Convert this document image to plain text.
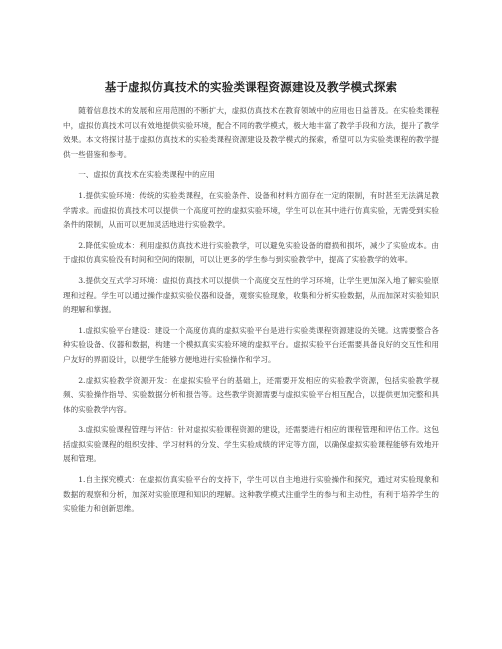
基于虚拟仿真技术的实验类课程资源建设及教学模式探索

随着信息技术的发展和应用范围的不断扩大，虚拟仿真技术在教育领域中的应用也日益普及。在实验类课程中，虚拟仿真技术可以有效地提供实验环境，配合不同的教学模式，极大地丰富了教学手段和方法，提升了教学效果。本文将探讨基于虚拟仿真技术的实验类课程资源建设及教学模式的探索，希望可以为实验类课程的教学提供一些借鉴和参考。

一、虚拟仿真技术在实验类课程中的应用

1.提供实验环境：传统的实验类课程，在实验条件、设备和材料方面存在一定的限制，有时甚至无法满足教学需求。而虚拟仿真技术可以提供一个高度可控的虚拟实验环境，学生可以在其中进行仿真实验，无需受到实验条件的限制，从而可以更加灵活地进行实验教学。

2.降低实验成本：利用虚拟仿真技术进行实验教学，可以避免实验设备的磨损和损坏，减少了实验成本。由于虚拟仿真实验没有时间和空间的限制，可以让更多的学生参与到实验教学中，提高了实验教学的效率。

3.提供交互式学习环境：虚拟仿真技术可以提供一个高度交互性的学习环境，让学生更加深入地了解实验原理和过程。学生可以通过操作虚拟实验仪器和设备，观察实验现象，收集和分析实验数据，从而加深对实验知识的理解和掌握。

1.虚拟实验平台建设：建设一个高度仿真的虚拟实验平台是进行实验类课程资源建设的关键。这需要整合各种实验设备、仪器和数据，构建一个模拟真实实验环境的虚拟平台。虚拟实验平台还需要具备良好的交互性和用户友好的界面设计，以便学生能够方便地进行实验操作和学习。

2.虚拟实验教学资源开发：在虚拟实验平台的基础上，还需要开发相应的实验教学资源，包括实验教学视频、实验操作指导、实验数据分析和报告等。这些教学资源需要与虚拟实验平台相互配合，以提供更加完整和具体的实验教学内容。

3.虚拟实验课程管理与评估：针对虚拟实验课程资源的建设，还需要进行相应的课程管理和评估工作。这包括虚拟实验课程的组织安排、学习材料的分发、学生实验成绩的评定等方面，以确保虚拟实验课程能够有效地开展和管理。

1.自主探究模式：在虚拟仿真实验平台的支持下，学生可以自主地进行实验操作和探究，通过对实验现象和数据的观察和分析，加深对实验原理和知识的理解。这种教学模式注重学生的参与和主动性，有利于培养学生的实验能力和创新思维。
